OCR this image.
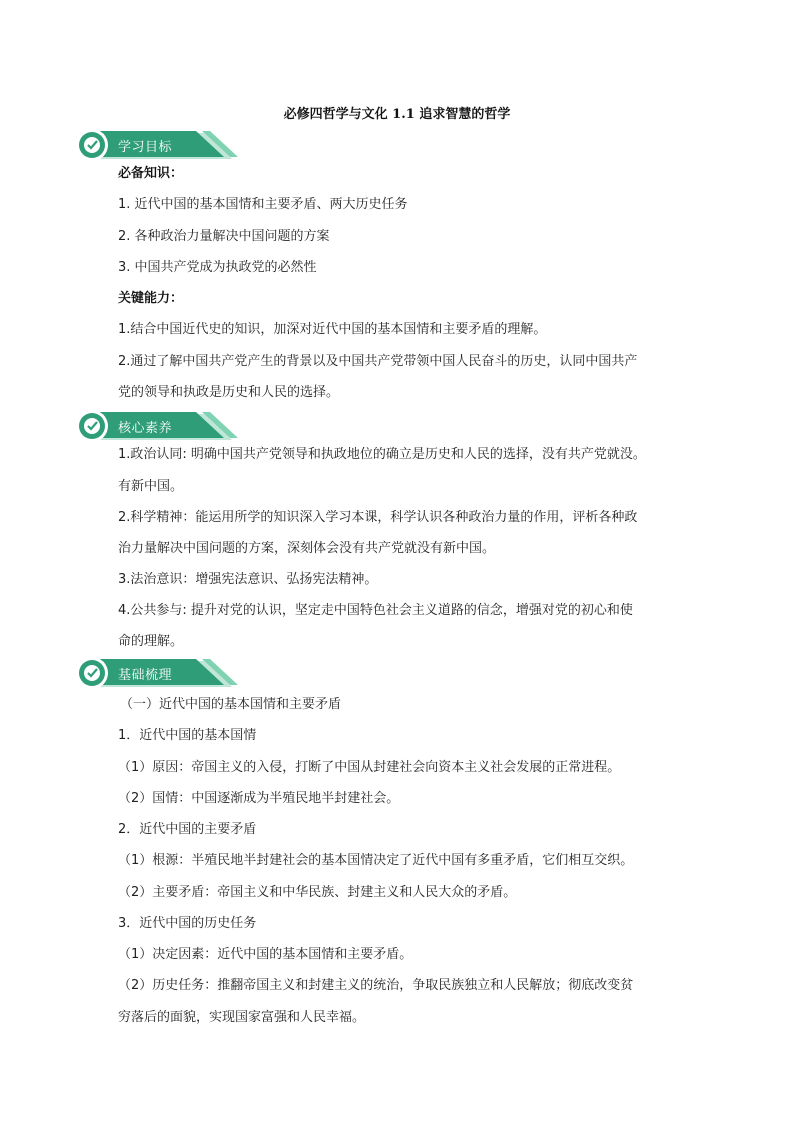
必修四哲学与文化 1.1 追求智慧的哲学
学习目标
必备知识：
1. 近代中国的基本国情和主要矛盾、两大历史任务
2. 各种政治力量解决中国问题的方案
3. 中国共产党成为执政党的必然性
关键能力：
1.结合中国近代史的知识，加深对近代中国的基本国情和主要矛盾的理解。
2.通过了解中国共产党产生的背景以及中国共产党带领中国人民奋斗的历史，认同中国共产
党的领导和执政是历史和人民的选择。
核心素养
1.政治认同: 明确中国共产党领导和执政地位的确立是历史和人民的选择，没有共产党就没。
有新中国。
2.科学精神：能运用所学的知识深入学习本课，科学认识各种政治力量的作用，评析各种政
治力量解决中国问题的方案，深刻体会没有共产党就没有新中国。
3.法治意识：增强宪法意识、弘扬宪法精神。
4.公共参与: 提升对党的认识，坚定走中国特色社会主义道路的信念，增强对党的初心和使
命的理解。
基础梳理
（一）近代中国的基本国情和主要矛盾
1．近代中国的基本国情
（1）原因：帝国主义的入侵，打断了中国从封建社会向资本主义社会发展的正常进程。
（2）国情：中国逐渐成为半殖民地半封建社会。
2．近代中国的主要矛盾
（1）根源：半殖民地半封建社会的基本国情决定了近代中国有多重矛盾，它们相互交织。
（2）主要矛盾：帝国主义和中华民族、封建主义和人民大众的矛盾。
3．近代中国的历史任务
（1）决定因素：近代中国的基本国情和主要矛盾。
（2）历史任务：推翻帝国主义和封建主义的统治，争取民族独立和人民解放；彻底改变贫
穷落后的面貌，实现国家富强和人民幸福。
